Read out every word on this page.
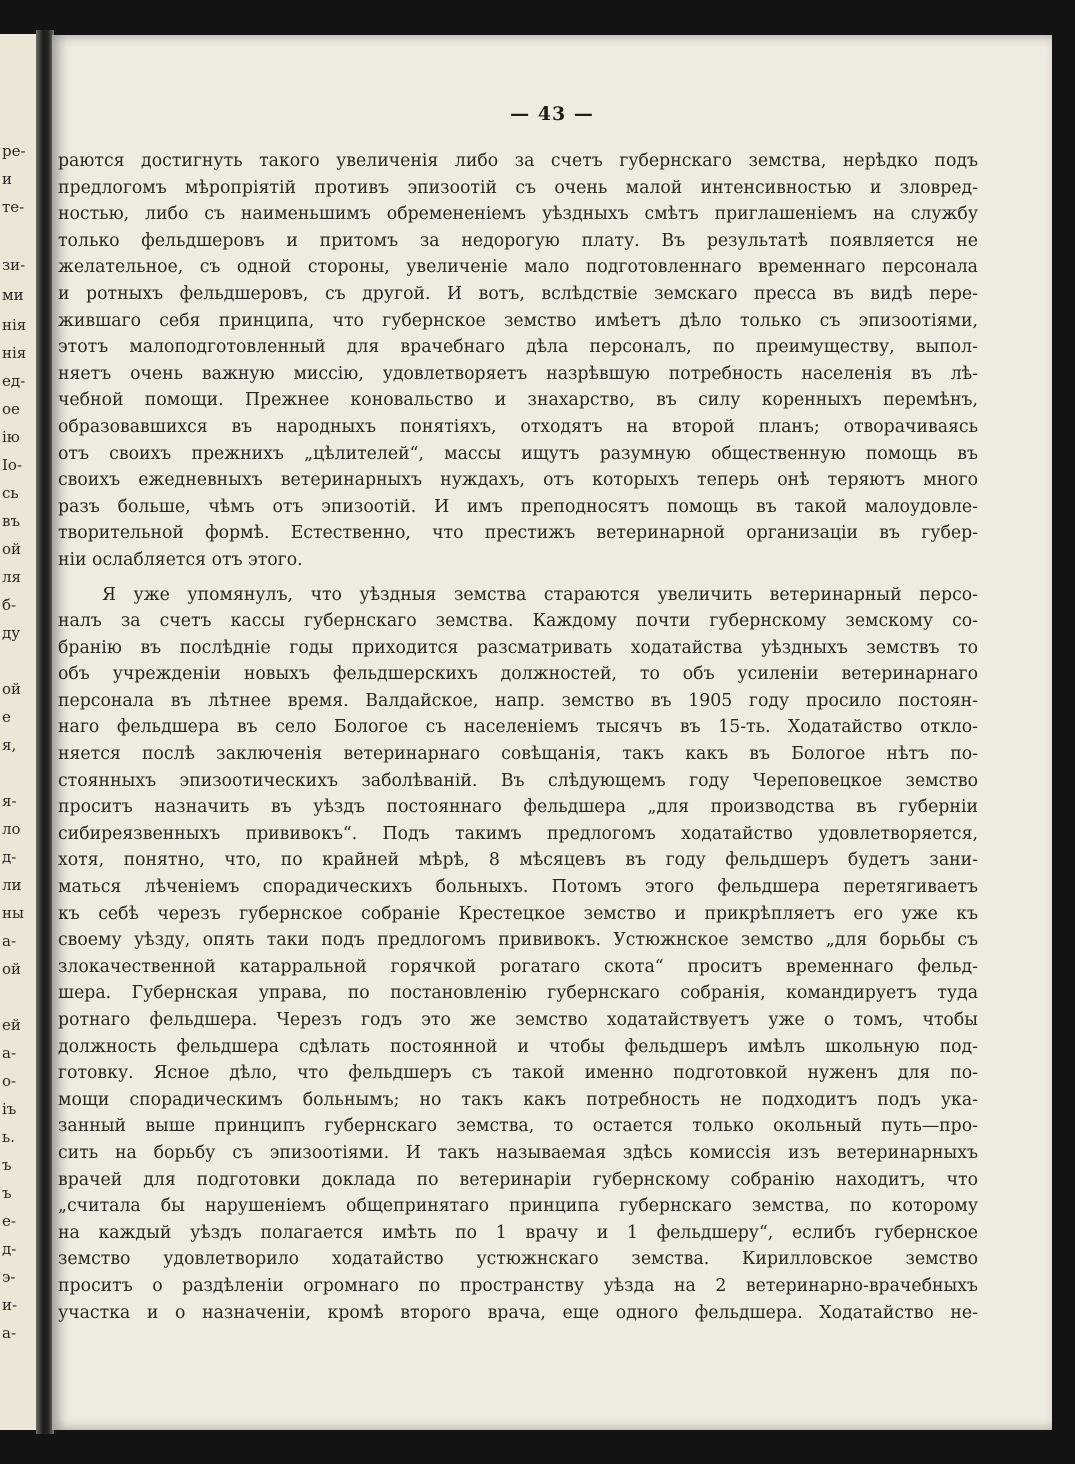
ре-
и
те-
зи-
ми
нія
нія
ед-
ое
ію
Іо-
сь
въ
ой
ля
б-
ду
ой
е
я,
я-
ло
д-
ли
ны
а-
ой
ей
а-
о-
іъ
ь.
ъ
ъ
е-
д-
э-
и-
а-
— 43 —
раются достигнуть такого увеличенія либо за счетъ губернскаго земства, нерѣдко подъ
предлогомъ мѣропріятій противъ эпизоотій съ очень малой интенсивностью и зловред-
ностью, либо съ наименьшимъ обремененіемъ уѣздныхъ смѣтъ приглашеніемъ на службу
только фельдшеровъ и притомъ за недорогую плату. Въ результатѣ появляется не
желательное, съ одной стороны, увеличеніе мало подготовленнаго временнаго персонала
и ротныхъ фельдшеровъ, съ другой. И вотъ, вслѣдствіе земскаго пресса въ видѣ пере-
жившаго себя принципа, что губернское земство имѣетъ дѣло только съ эпизоотіями,
этотъ малоподготовленный для врачебнаго дѣла персоналъ, по преимуществу, выпол-
няетъ очень важную миссію, удовлетворяетъ назрѣвшую потребность населенія въ лѣ-
чебной помощи. Прежнее коновальство и знахарство, въ силу коренныхъ перемѣнъ,
образовавшихся въ народныхъ понятіяхъ, отходятъ на второй планъ; отворачиваясь
отъ своихъ прежнихъ „цѣлителей“, массы ищутъ разумную общественную помощь въ
своихъ ежедневныхъ ветеринарныхъ нуждахъ, отъ которыхъ теперь онѣ теряютъ много
разъ больше, чѣмъ отъ эпизоотій. И имъ преподносятъ помощь въ такой малоудовле-
творительной формѣ. Естественно, что престижъ ветеринарной организаціи въ губер-
ніи ослабляется отъ этого.
Я уже упомянулъ, что уѣздныя земства стараются увеличить ветеринарный персо-
налъ за счетъ кассы губернскаго земства. Каждому почти губернскому земскому со-
бранію въ послѣдніе годы приходится разсматривать ходатайства уѣздныхъ земствъ то
объ учрежденіи новыхъ фельдшерскихъ должностей, то объ усиленіи ветеринарнаго
персонала въ лѣтнее время. Валдайское, напр. земство въ 1905 году просило постоян-
наго фельдшера въ село Бологое съ населеніемъ тысячъ въ 15-ть. Ходатайство откло-
няется послѣ заключенія ветеринарнаго совѣщанія, такъ какъ въ Бологое нѣтъ по-
стоянныхъ эпизоотическихъ заболѣваній. Въ слѣдующемъ году Череповецкое земство
проситъ назначить въ уѣздъ постояннаго фельдшера „для производства въ губерніи
сибиреязвенныхъ прививокъ“. Подъ такимъ предлогомъ ходатайство удовлетворяется,
хотя, понятно, что, по крайней мѣрѣ, 8 мѣсяцевъ въ году фельдшеръ будетъ зани-
маться лѣченіемъ спорадическихъ больныхъ. Потомъ этого фельдшера перетягиваетъ
къ себѣ черезъ губернское собраніе Крестецкое земство и прикрѣпляетъ его уже къ
своему уѣзду, опять таки подъ предлогомъ прививокъ. Устюжнское земство „для борьбы съ
злокачественной катарральной горячкой рогатаго скота“ проситъ временнаго фельд-
шера. Губернская управа, по постановленію губернскаго собранія, командируетъ туда
ротнаго фельдшера. Черезъ годъ это же земство ходатайствуетъ уже о томъ, чтобы
должность фельдшера сдѣлать постоянной и чтобы фельдшеръ имѣлъ школьную под-
готовку. Ясное дѣло, что фельдшеръ съ такой именно подготовкой нуженъ для по-
мощи спорадическимъ больнымъ; но такъ какъ потребность не подходитъ подъ ука-
занный выше принципъ губернскаго земства, то остается только окольный путь—про-
сить на борьбу съ эпизоотіями. И такъ называемая здѣсь комиссія изъ ветеринарныхъ
врачей для подготовки доклада по ветеринаріи губернскому собранію находитъ, что
„считала бы нарушеніемъ общепринятаго принципа губернскаго земства, по которому
на каждый уѣздъ полагается имѣть по 1 врачу и 1 фельдшеру“, еслибъ губернское
земство удовлетворило ходатайство устюжнскаго земства. Кирилловское земство
проситъ о раздѣленіи огромнаго по пространству уѣзда на 2 ветеринарно-врачебныхъ
участка и о назначеніи, кромѣ второго врача, еще одного фельдшера. Ходатайство не-
